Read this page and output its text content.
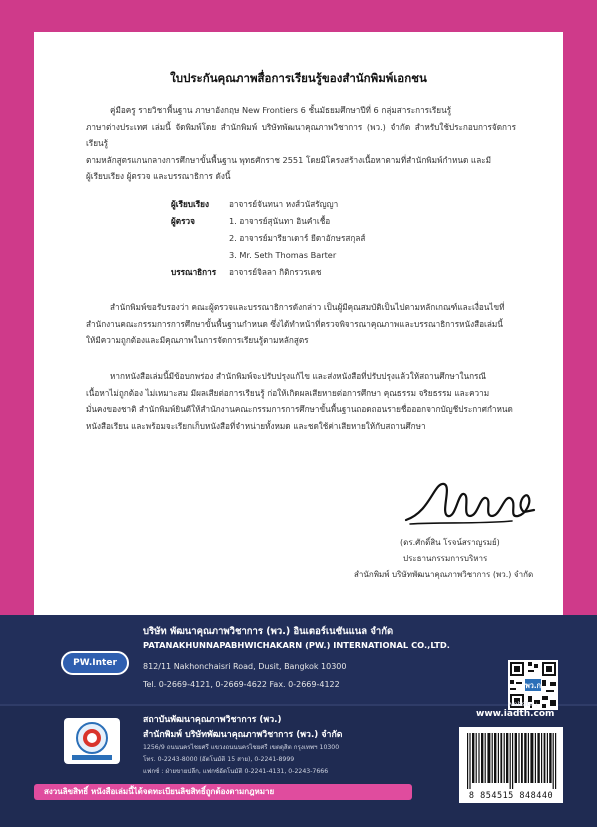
ใบประกันคุณภาพสื่อการเรียนรู้ของสำนักพิมพ์เอกชน
คู่มือครู รายวิชาพื้นฐาน ภาษาอังกฤษ New Frontiers 6 ชั้นมัธยมศึกษาปีที่ 6 กลุ่มสาระการเรียนรู้
ภาษาต่างประเทศ เล่มนี้ จัดพิมพ์โดย สำนักพิมพ์ บริษัทพัฒนาคุณภาพวิชาการ (พว.) จำกัด สำหรับใช้ประกอบการจัดการเรียนรู้
ตามหลักสูตรแกนกลางการศึกษาขั้นพื้นฐาน พุทธศักราช 2551 โดยมีโครงสร้างเนื้อหาตามที่สำนักพิมพ์กำหนด และมี
ผู้เรียบเรียง ผู้ตรวจ และบรรณาธิการ ดังนี้
ผู้เรียบเรียง	อาจารย์จันทนา หงส์วนัสรัญญา
ผู้ตรวจ	1. อาจารย์สุนันทา อินคำเชื้อ
2. อาจารย์มารียาเดาร์ ยีดาอักษรสกุลส์
3. Mr. Seth Thomas Barter
บรรณาธิการ	อาจารย์จิลลา กิติกรวรเดช
สำนักพิมพ์ขอรับรองว่า คณะผู้ตรวจและบรรณาธิการดังกล่าว เป็นผู้มีคุณสมบัติเป็นไปตามหลักเกณฑ์และเงื่อนไขที่
สำนักงานคณะกรรมการการศึกษาขั้นพื้นฐานกำหนด ซึ่งได้ทำหน้าที่ตรวจพิจารณาคุณภาพและบรรณาธิการหนังสือเล่มนี้
ให้มีความถูกต้องและมีคุณภาพในการจัดการเรียนรู้ตามหลักสูตร
หากหนังสือเล่มนี้มีข้อบกพร่อง สำนักพิมพ์จะปรับปรุงแก้ไข และส่งหนังสือที่ปรับปรุงแล้วให้สถานศึกษาในกรณี
เนื้อหาไม่ถูกต้อง ไม่เหมาะสม มีผลเสียต่อการเรียนรู้ ก่อให้เกิดผลเสียหายต่อการศึกษา คุณธรรม จริยธรรม และความ
มั่นคงของชาติ สำนักพิมพ์ยินดีให้สำนักงานคณะกรรมการการศึกษาขั้นพื้นฐานถอดถอนรายชื่อออกจากบัญชีประกาศกำหนด
หนังสือเรียน และพร้อมจะเรียกเก็บหนังสือที่จำหน่ายทั้งหมด และชดใช้ค่าเสียหายให้กับสถานศึกษา
(ดร.ศักดิ์สิน โรจน์สราญรมย์)
ประธานกรรมการบริหาร
สำนักพิมพ์ บริษัทพัฒนาคุณภาพวิชาการ (พว.) จำกัด
PW.Inter
บริษัท พัฒนาคุณภาพวิชาการ (พว.) อินเตอร์เนชันแนล จำกัด
PATANAKHUNNAPABHWICHAKARN (PW.) INTERNATIONAL CO.,LTD.
812/11 Nakhonchaisri Road, Dusit, Bangkok 10300
Tel. 0-2669-4121, 0-2669-4622 Fax. 0-2669-4122
สถาบันพัฒนาคุณภาพวิชาการ (พว.)
สำนักพิมพ์ บริษัทพัฒนาคุณภาพวิชาการ (พว.) จำกัด
1256/9 ถนนนครไชยศรี แขวงถนนนครไชยศรี เขตดุสิต กรุงเทพฯ 10300
โทร. 0-2243-8000 (อัตโนมัติ 15 สาย), 0-2241-8999
แฟกซ์ : ฝ่ายขายปลีก, แฟกซ์อัตโนมัติ 0-2241-4131, 0-2243-7666
พว.ก
website :
www.iadth.com
8 854515 848440
สงวนลิขสิทธิ์ หนังสือเล่มนี้ได้จดทะเบียนลิขสิทธิ์ถูกต้องตามกฎหมาย
